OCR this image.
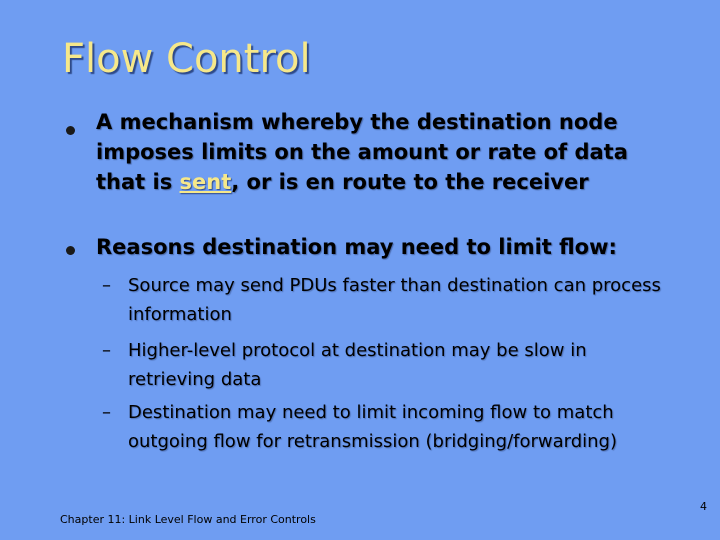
Flow Control
A mechanism whereby the destination node imposes limits on the amount or rate of data that is sent, or is en route to the receiver
Reasons destination may need to limit flow:
– Source may send PDUs faster than destination can process information
– Higher-level protocol at destination may be slow in retrieving data
– Destination may need to limit incoming flow to match outgoing flow for retransmission (bridging/forwarding)
Chapter 11: Link Level Flow and Error Controls
4
